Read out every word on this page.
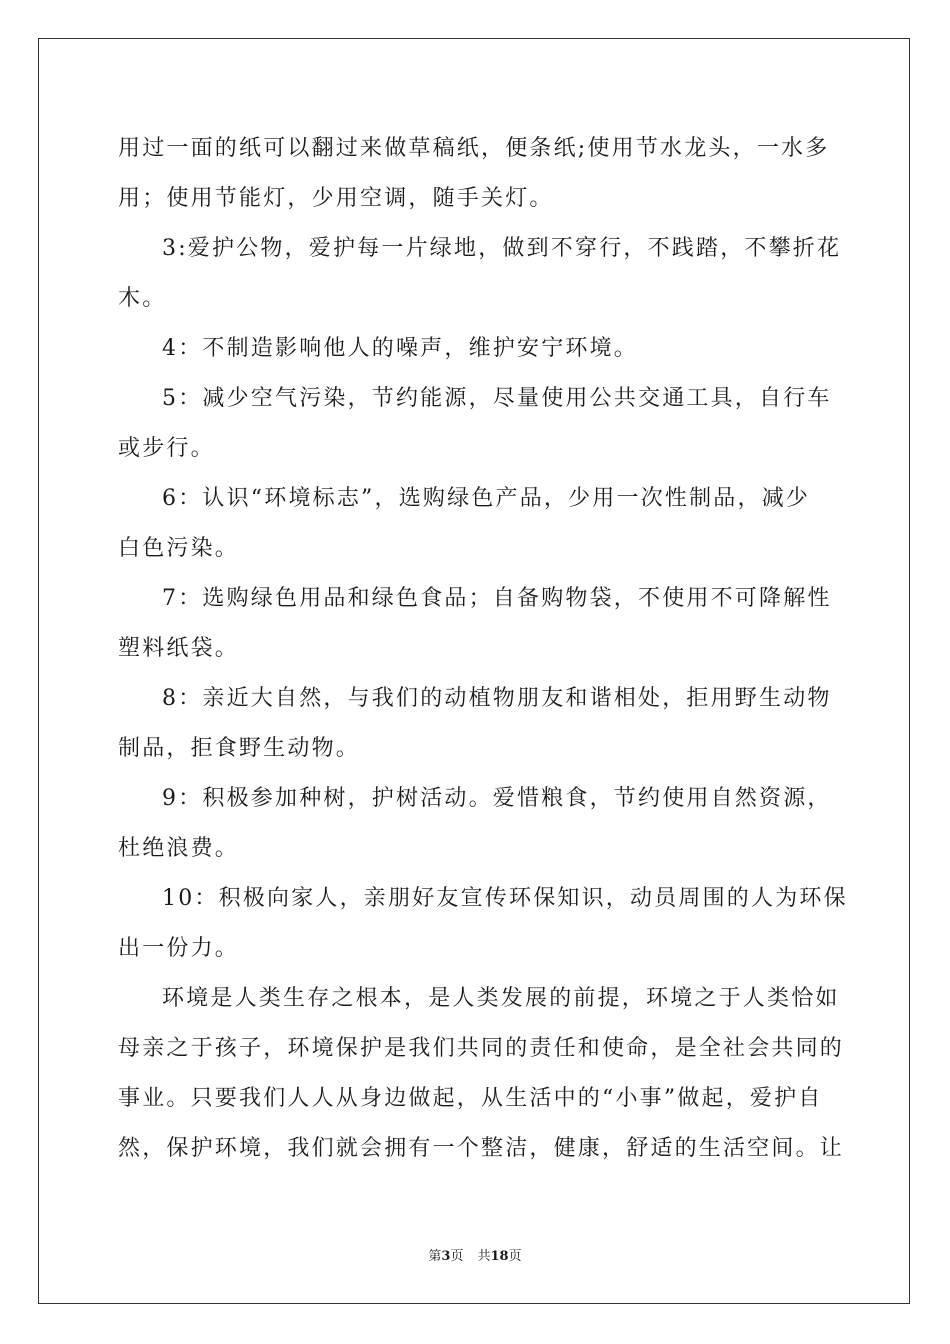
用过一面的纸可以翻过来做草稿纸，便条纸;使用节水龙头，一水多
用；使用节能灯，少用空调，随手关灯。
3:爱护公物，爱护每一片绿地，做到不穿行，不践踏，不攀折花
木。
4：不制造影响他人的噪声，维护安宁环境。
5：减少空气污染，节约能源，尽量使用公共交通工具，自行车
或步行。
6：认识“环境标志”，选购绿色产品，少用一次性制品，减少
白色污染。
7：选购绿色用品和绿色食品；自备购物袋，不使用不可降解性
塑料纸袋。
8：亲近大自然，与我们的动植物朋友和谐相处，拒用野生动物
制品，拒食野生动物。
9：积极参加种树，护树活动。爱惜粮食，节约使用自然资源，
杜绝浪费。
10：积极向家人，亲朋好友宣传环保知识，动员周围的人为环保
出一份力。
环境是人类生存之根本，是人类发展的前提，环境之于人类恰如
母亲之于孩子，环境保护是我们共同的责任和使命，是全社会共同的
事业。只要我们人人从身边做起，从生活中的“小事”做起，爱护自
然，保护环境，我们就会拥有一个整洁，健康，舒适的生活空间。让
第3页 共18页
